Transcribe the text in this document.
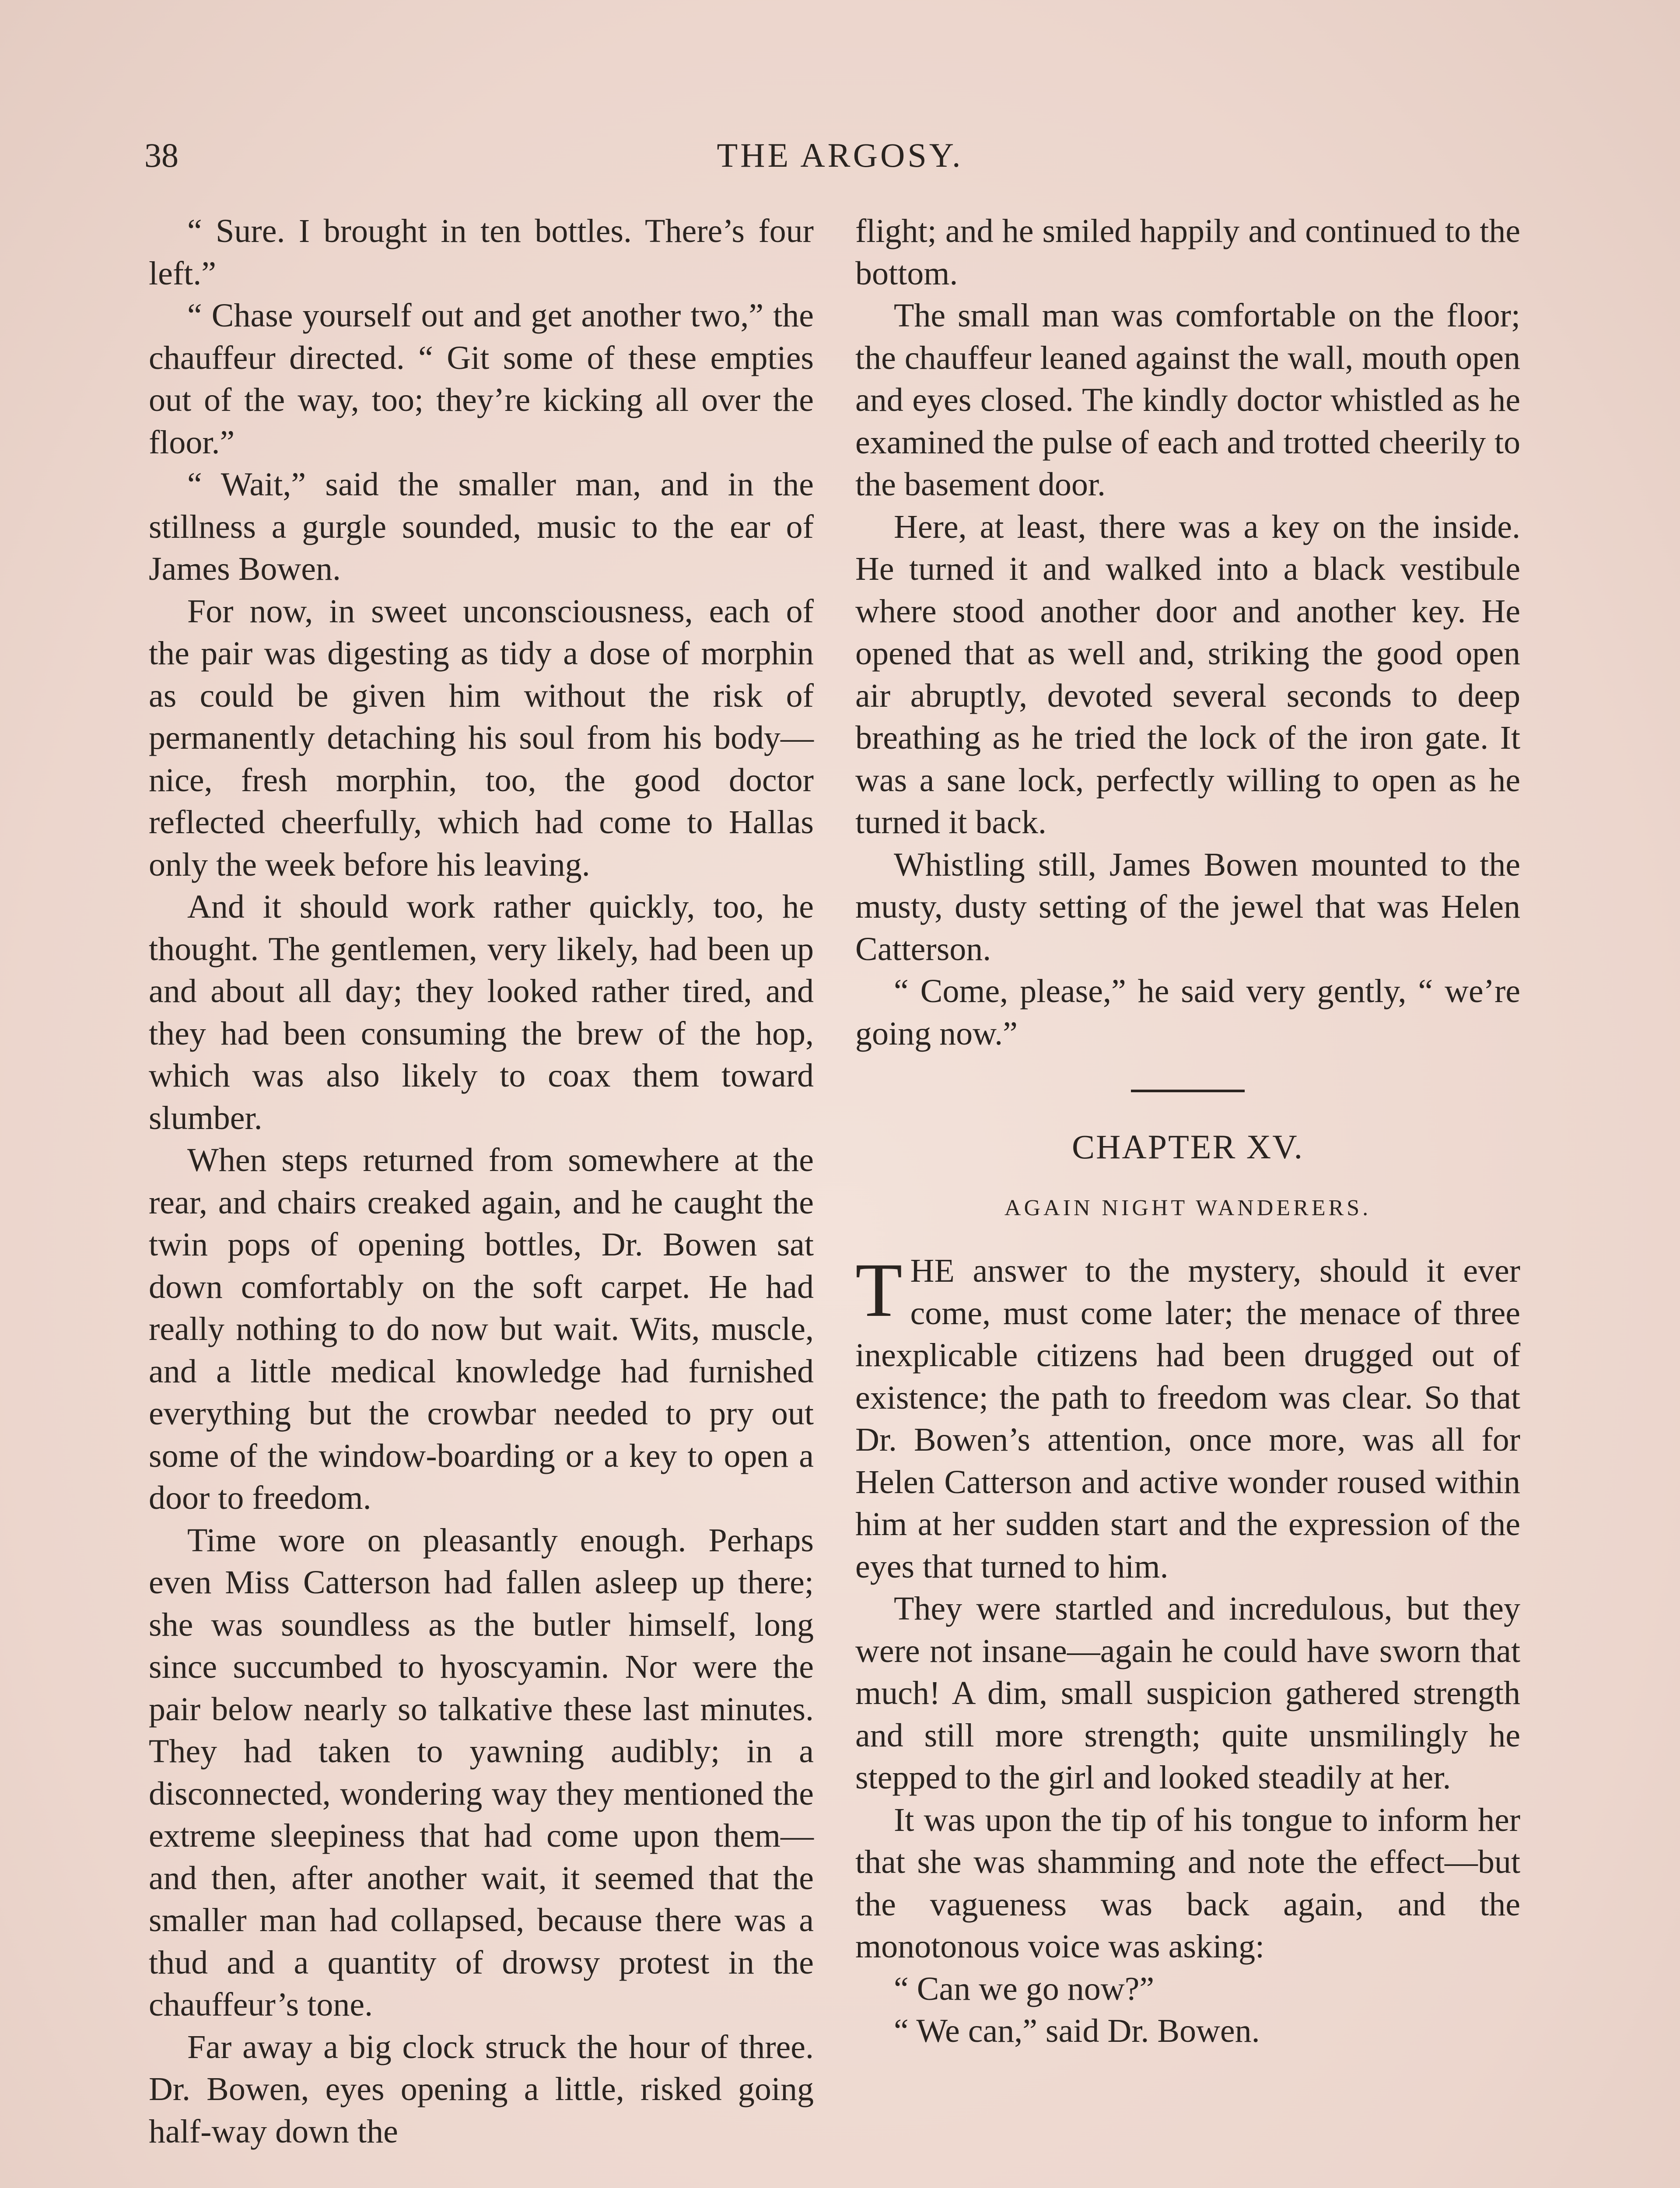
38	THE ARGOSY.

“ Sure. I brought in ten bottles. There’s four left.”

“ Chase yourself out and get another two,” the chauffeur directed. “ Git some of these empties out of the way, too; they’re kicking all over the floor.”

“ Wait,” said the smaller man, and in the stillness a gurgle sounded, music to the ear of James Bowen.

For now, in sweet unconsciousness, each of the pair was digesting as tidy a dose of morphin as could be given him without the risk of permanently detaching his soul from his body—nice, fresh morphin, too, the good doctor reflected cheerfully, which had come to Hallas only the week before his leaving.

And it should work rather quickly, too, he thought. The gentlemen, very likely, had been up and about all day; they looked rather tired, and they had been consuming the brew of the hop, which was also likely to coax them toward slumber.

When steps returned from somewhere at the rear, and chairs creaked again, and he caught the twin pops of opening bottles, Dr. Bowen sat down comfortably on the soft carpet. He had really nothing to do now but wait. Wits, muscle, and a little medical knowledge had furnished everything but the crowbar needed to pry out some of the window-boarding or a key to open a door to freedom.

Time wore on pleasantly enough. Perhaps even Miss Catterson had fallen asleep up there; she was soundless as the butler himself, long since succumbed to hyoscyamin. Nor were the pair below nearly so talkative these last minutes. They had taken to yawning audibly; in a disconnected, wondering way they mentioned the extreme sleepiness that had come upon them—and then, after another wait, it seemed that the smaller man had collapsed, because there was a thud and a quantity of drowsy protest in the chauffeur’s tone.

Far away a big clock struck the hour of three. Dr. Bowen, eyes opening a little, risked going half-way down the

flight; and he smiled happily and continued to the bottom.

The small man was comfortable on the floor; the chauffeur leaned against the wall, mouth open and eyes closed. The kindly doctor whistled as he examined the pulse of each and trotted cheerily to the basement door.

Here, at least, there was a key on the inside. He turned it and walked into a black vestibule where stood another door and another key. He opened that as well and, striking the good open air abruptly, devoted several seconds to deep breathing as he tried the lock of the iron gate. It was a sane lock, perfectly willing to open as he turned it back.

Whistling still, James Bowen mounted to the musty, dusty setting of the jewel that was Helen Catterson.

“ Come, please,” he said very gently, “ we’re going now.”

CHAPTER XV.
AGAIN NIGHT WANDERERS.

THE answer to the mystery, should it ever come, must come later; the menace of three inexplicable citizens had been drugged out of existence; the path to freedom was clear. So that Dr. Bowen’s attention, once more, was all for Helen Catterson and active wonder roused within him at her sudden start and the expression of the eyes that turned to him.

They were startled and incredulous, but they were not insane—again he could have sworn that much! A dim, small suspicion gathered strength and still more strength; quite unsmilingly he stepped to the girl and looked steadily at her.

It was upon the tip of his tongue to inform her that she was shamming and note the effect—but the vagueness was back again, and the monotonous voice was asking:

“ Can we go now?”

“ We can,” said Dr. Bowen.
